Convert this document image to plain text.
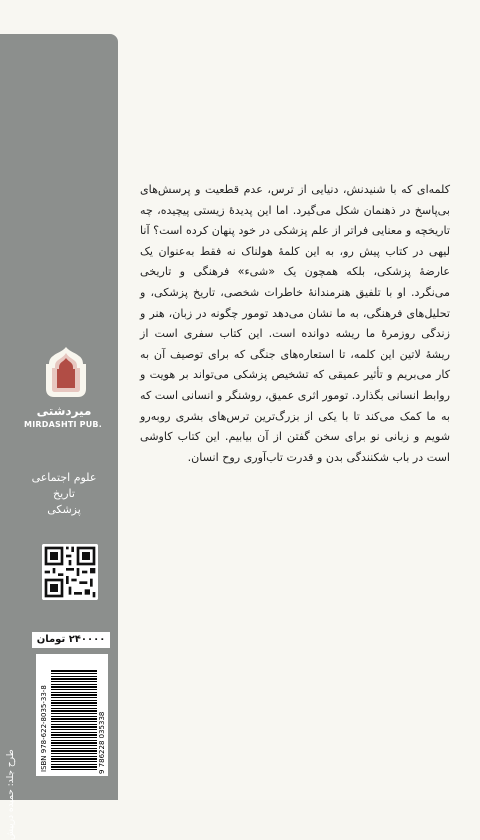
میردشتی
MIRDASHTI PUB.
علوم اجتماعی
تاریخ
پزشکی
۲۴۰۰۰۰ تومان
ISBN 978-622-8035-33-8	9 786228 035338
طرح جلد: حمیده درپیش
کلمه‌ای که با شنیدنش، دنیایی از ترس، عدم قطعیت و پرسش‌های بی‌پاسخ در ذهنمان شکل می‌گیرد. اما این پدیدهٔ زیستی پیچیده، چه تاریخچه و معنایی فراتر از علم پزشکی در خود پنهان کرده است؟ آنا لیهی در کتاب پیش رو، به این کلمهٔ هولناک نه فقط به‌عنوان یک عارضهٔ پزشکی، بلکه همچون یک «شیء» فرهنگی و تاریخی می‌نگرد. او با تلفیق هنرمندانهٔ خاطرات شخصی، تاریخ پزشکی، و تحلیل‌های فرهنگی، به ما نشان می‌دهد تومور چگونه در زبان، هنر و زندگی روزمرهٔ ما ریشه دوانده است. این کتاب سفری است از ریشهٔ لاتین این کلمه، تا استعاره‌های جنگی که برای توصیف آن به کار می‌بریم و تأثیر عمیقی که تشخیص پزشکی می‌تواند بر هویت و روابط انسانی بگذارد. تومور اثری عمیق، روشنگر و انسانی است که به ما کمک می‌کند تا با یکی از بزرگ‌ترین ترس‌های بشری روبه‌رو شویم و زبانی نو برای سخن گفتن از آن بیابیم. این کتاب کاوشی است در باب شکنندگی بدن و قدرت تاب‌آوری روح انسان.
